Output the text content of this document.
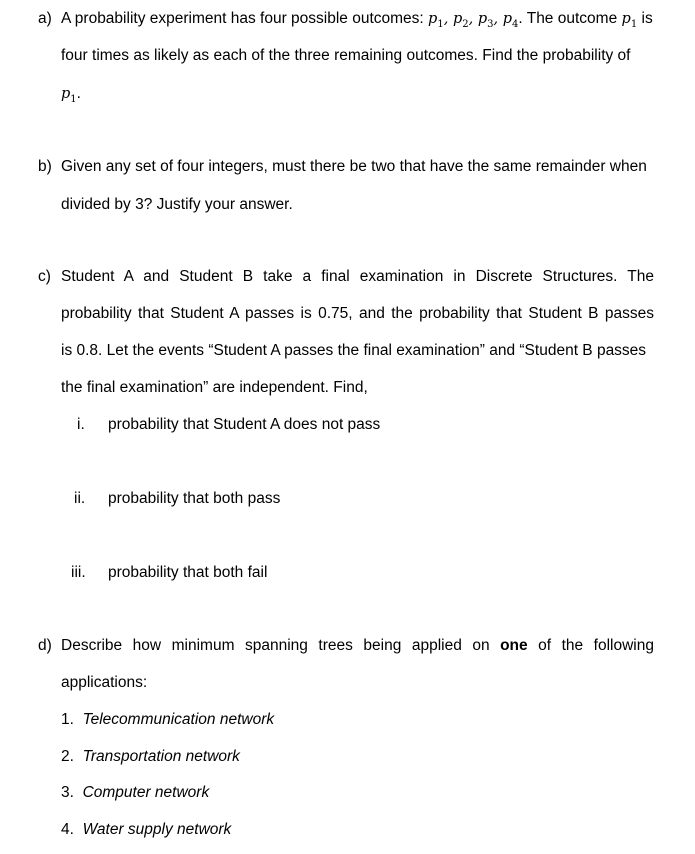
a) A probability experiment has four possible outcomes: $p_1$, $p_2$, $p_3$, $p_4$. The outcome $p_1$ is
four times as likely as each of the three remaining outcomes. Find the probability of
$p_1$.
b) Given any set of four integers, must there be two that have the same remainder when
divided by 3? Justify your answer.
c) Student A and Student B take a final examination in Discrete Structures. The
probability that Student A passes is 0.75, and the probability that Student B passes
is 0.8. Let the events “Student A passes the final examination” and “Student B passes
the final examination” are independent. Find,
i. probability that Student A does not pass
ii. probability that both pass
iii. probability that both fail
d) Describe how minimum spanning trees being applied on one of the following
applications:
1. Telecommunication network
2. Transportation network
3. Computer network
4. Water supply network
